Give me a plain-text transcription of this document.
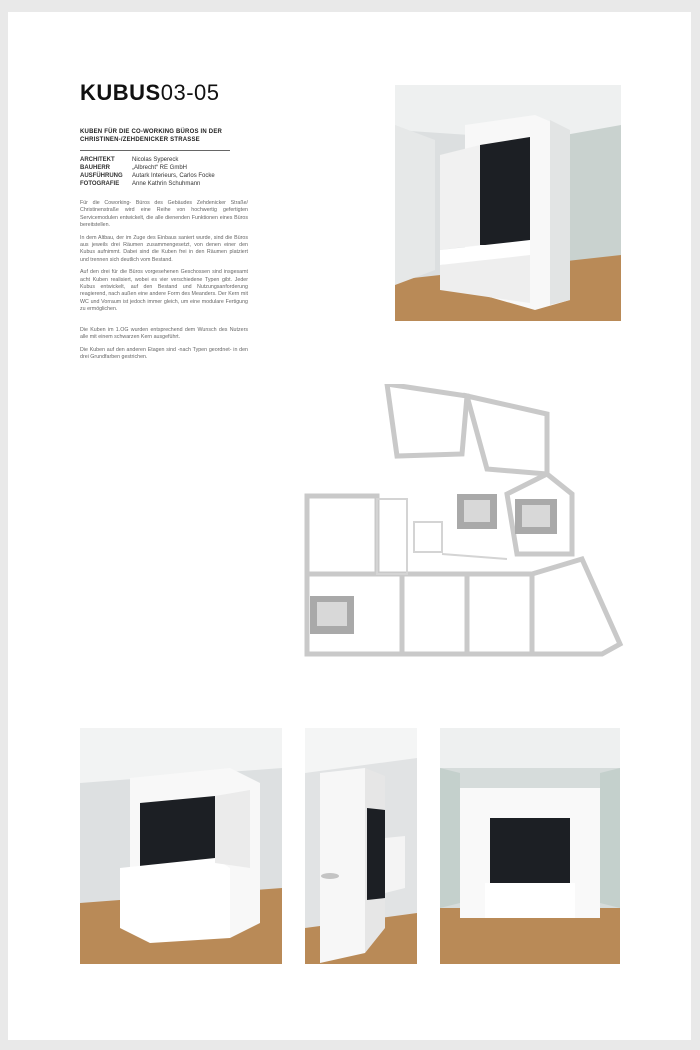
KUBUS03-05
KUBEN FÜR DIE CO-WORKING BÜROS IN DER CHRISTINEN-/ZEHDENICKER STRASSE
ARCHITEKT	Nicolas Sypereck
BAUHERR	„Albrecht“ RE GmbH
AUSFÜHRUNG	Autark Interieurs, Carlos Focke
FOTOGRAFIE	Anne Kathrin Schuhmann

Für die Coworking- Büros des Gebäudes Zehdenicker Straße/ Christinenstraße wird eine Reihe von hochwertig gefertigten Servicemodulen entwickelt, die alle dienenden Funktionen eines Büros bereitstellen.

In dem Altbau, der im Zuge des Einbaus saniert wurde, sind die Büros aus jeweils drei Räumen zusammengesetzt, von denen einer den Kubus aufnimmt. Dabei sind die Kuben frei in den Räumen platziert und trennen sich deutlich vom Bestand.

Auf den drei für die Büros vorgesehenen Geschossen sind insgesamt acht Kuben realisiert, wobei es vier verschiedene Typen gibt. Jeder Kubus entwickelt, auf den Bestand und Nutzungsanforderung reagierend, nach außen eine andere Form des Meanders. Der Kern mit WC und Vorraum ist jedoch immer gleich, um eine modulare Fertigung zu ermöglichen.

Die Kuben im 1.OG wurden entsprechend dem Wunsch des Nutzers alle mit einem schwarzen Kern ausgeführt.

Die Kuben auf den anderen Etagen sind -nach Typen geordnet- in den drei Grundfarben gestrichen.
